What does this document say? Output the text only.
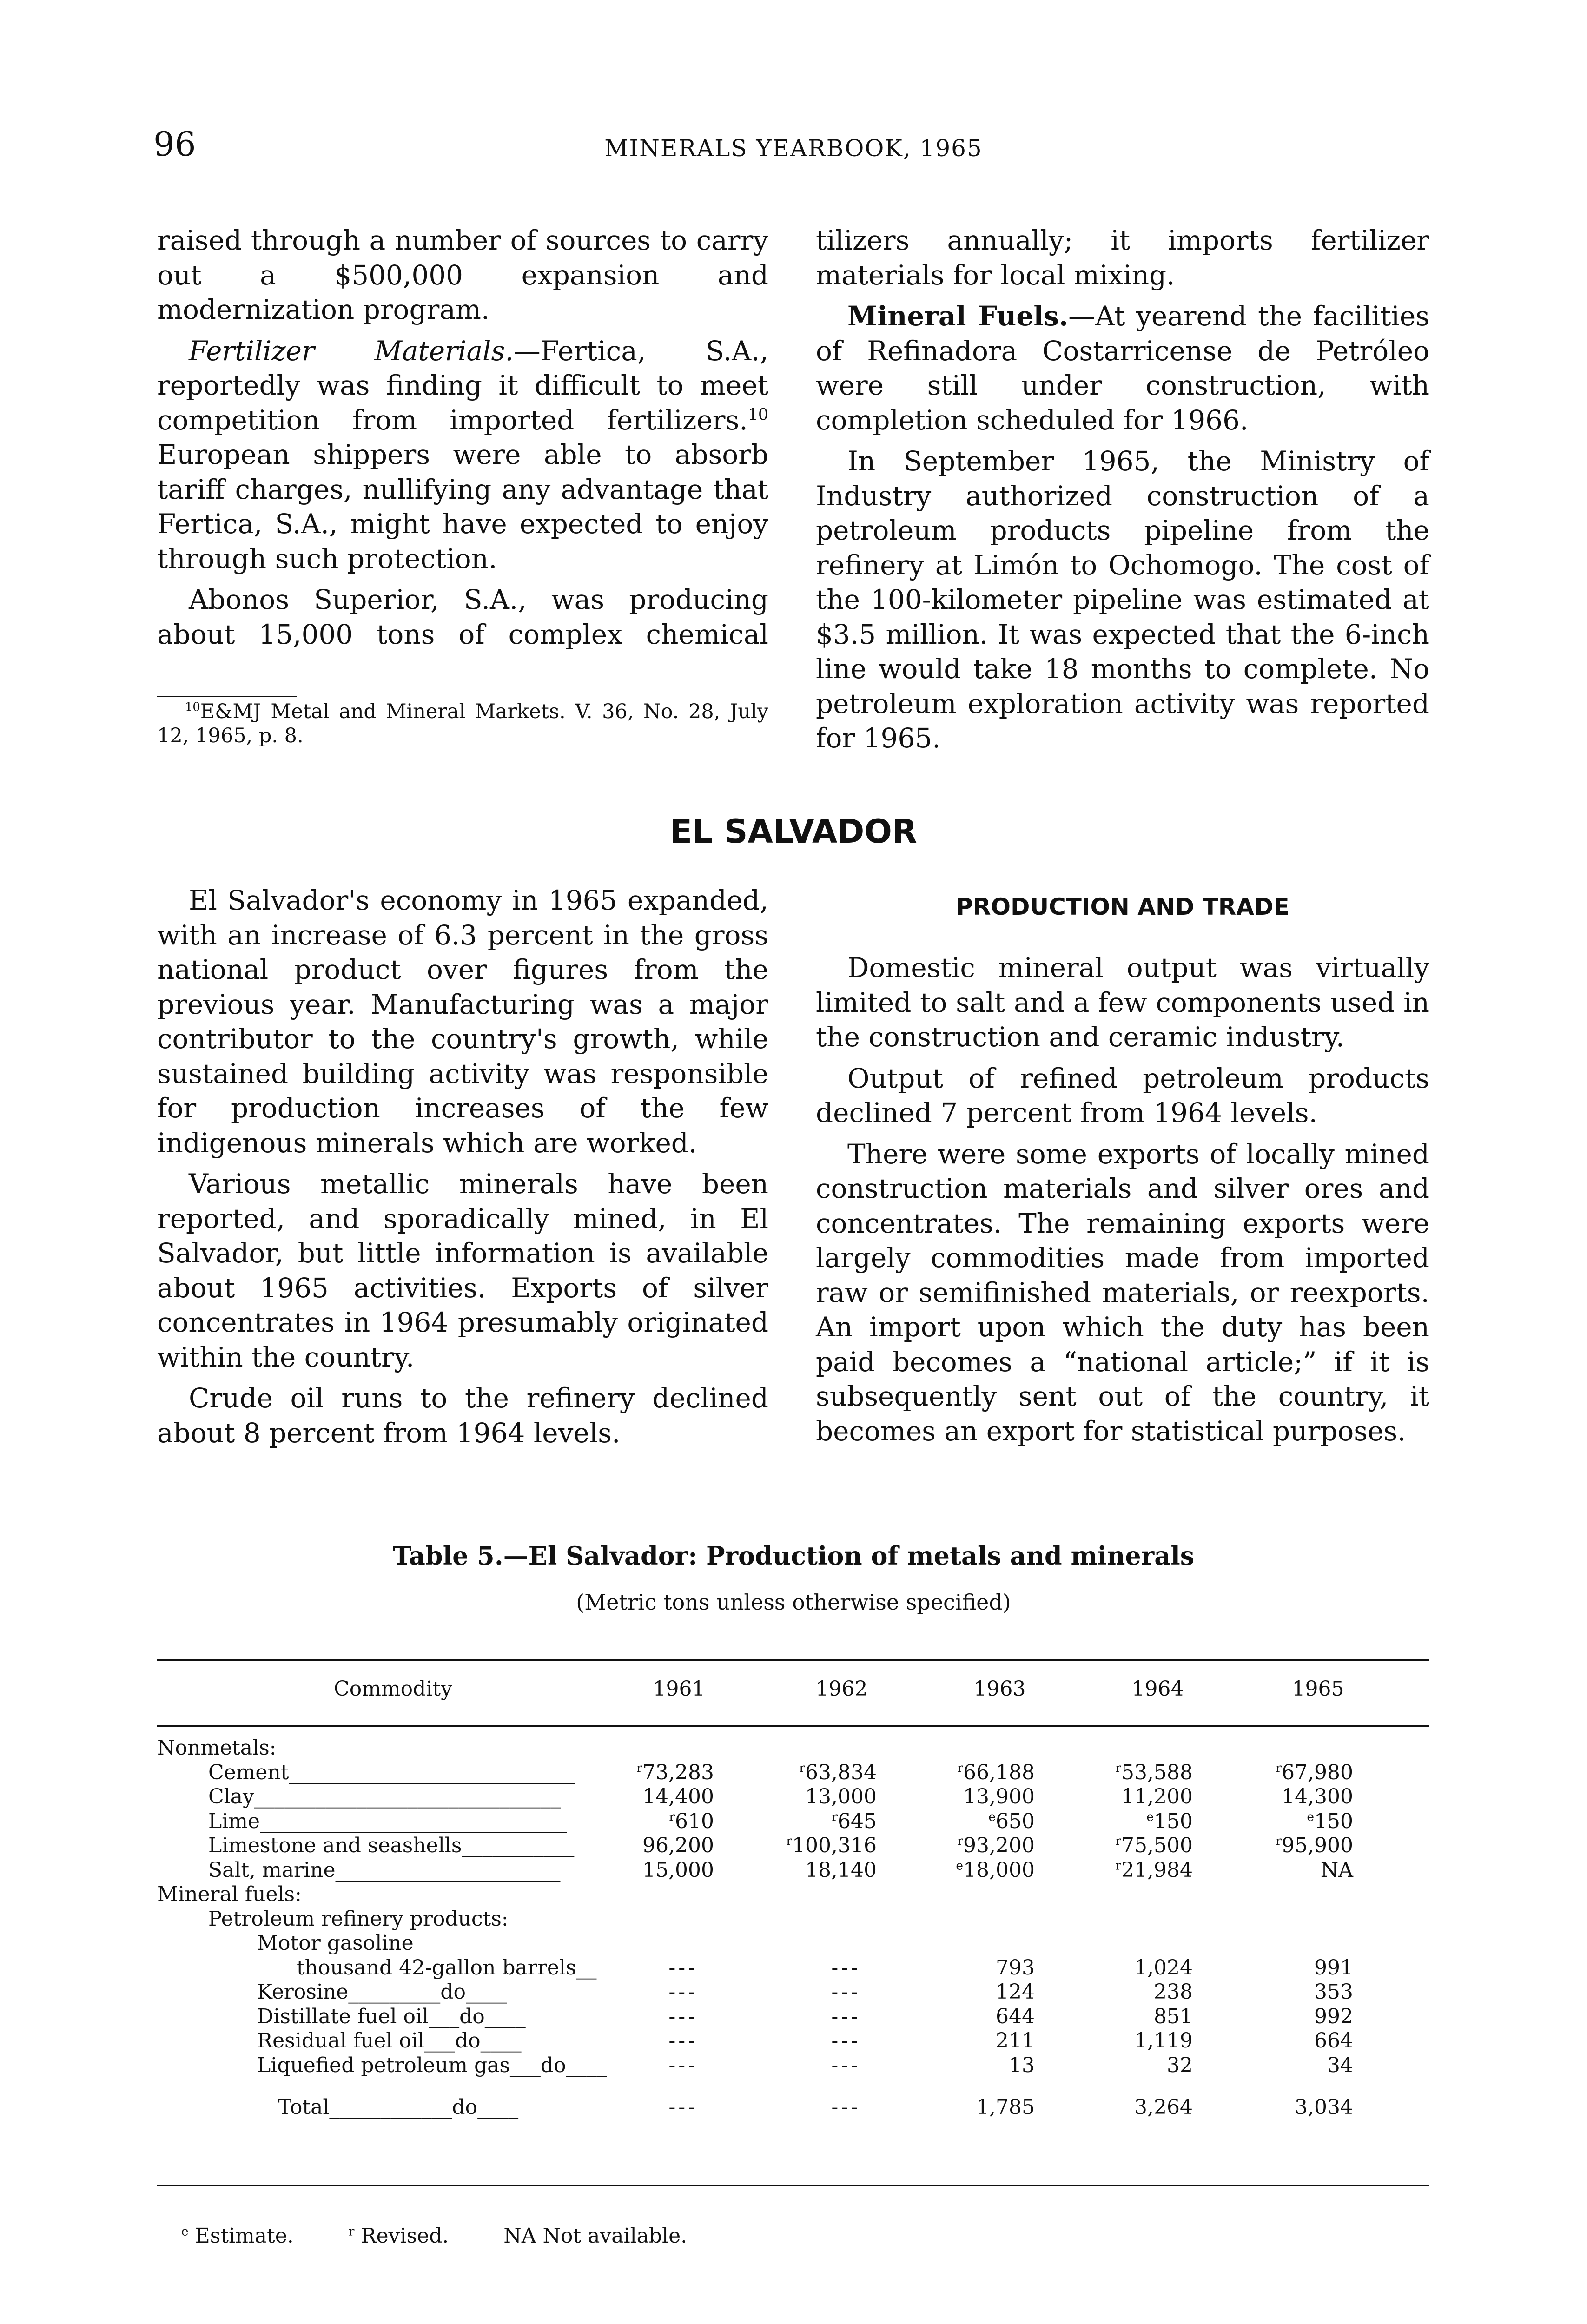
96	MINERALS YEARBOOK, 1965

raised through a number of sources to carry out a $500,000 expansion and modernization program.

Fertilizer Materials.—Fertica, S.A., reportedly was finding it difficult to meet competition from imported fertilizers.$^{10}$ European shippers were able to absorb tariff charges, nullifying any advantage that Fertica, S.A., might have expected to enjoy through such protection.

Abonos Superior, S.A., was producing about 15,000 tons of complex chemical

$^{10}$E&MJ Metal and Mineral Markets. V. 36, No. 28, July 12, 1965, p. 8.

tilizers annually; it imports fertilizer materials for local mixing.

Mineral Fuels.—At yearend the facilities of Refinadora Costarricense de Petróleo were still under construction, with completion scheduled for 1966.

In September 1965, the Ministry of Industry authorized construction of a petroleum products pipeline from the refinery at Limón to Ochomogo. The cost of the 100-kilometer pipeline was estimated at $3.5 million. It was expected that the 6-inch line would take 18 months to complete. No petroleum exploration activity was reported for 1965.

EL SALVADOR

El Salvador's economy in 1965 expanded, with an increase of 6.3 percent in the gross national product over figures from the previous year. Manufacturing was a major contributor to the country's growth, while sustained building activity was responsible for production increases of the few indigenous minerals which are worked.

Various metallic minerals have been reported, and sporadically mined, in El Salvador, but little information is available about 1965 activities. Exports of silver concentrates in 1964 presumably originated within the country.

Crude oil runs to the refinery declined about 8 percent from 1964 levels.

PRODUCTION AND TRADE

Domestic mineral output was virtually limited to salt and a few components used in the construction and ceramic industry.

Output of refined petroleum products declined 7 percent from 1964 levels.

There were some exports of locally mined construction materials and silver ores and concentrates. The remaining exports were largely commodities made from imported raw or semifinished materials, or reexports. An import upon which the duty has been paid becomes a “national article;” if it is subsequently sent out of the country, it becomes an export for statistical purposes.

Table 5.—El Salvador: Production of metals and minerals
(Metric tons unless otherwise specified)
Commodity	1961	1962	1963	1964	1965
Nonmetals:
Cement____________________________	$^r$73,283	$^r$63,834	$^r$66,188	$^r$53,588	$^r$67,980
Clay______________________________	14,400	13,000	13,900	11,200	14,300
Lime______________________________	$^r$610	$^r$645	$^e$650	$^e$150	$^e$150
Limestone and seashells___________	96,200	$^r$100,316	$^r$93,200	$^r$75,500	$^r$95,900
Salt, marine______________________	15,000	18,140	$^e$18,000	$^r$21,984	NA
Mineral fuels:
Petroleum refinery products:
Motor gasoline
thousand 42-gallon barrels__	---	---	793	1,024	991
Kerosine_________do____	---	---	124	238	353
Distillate fuel oil___do____	---	---	644	851	992
Residual fuel oil___do____	---	---	211	1,119	664
Liquefied petroleum gas___do____	---	---	13	32	34
Total____________do____	---	---	1,785	3,264	3,034
$^e$ Estimate.	$^r$ Revised.	NA Not available.
